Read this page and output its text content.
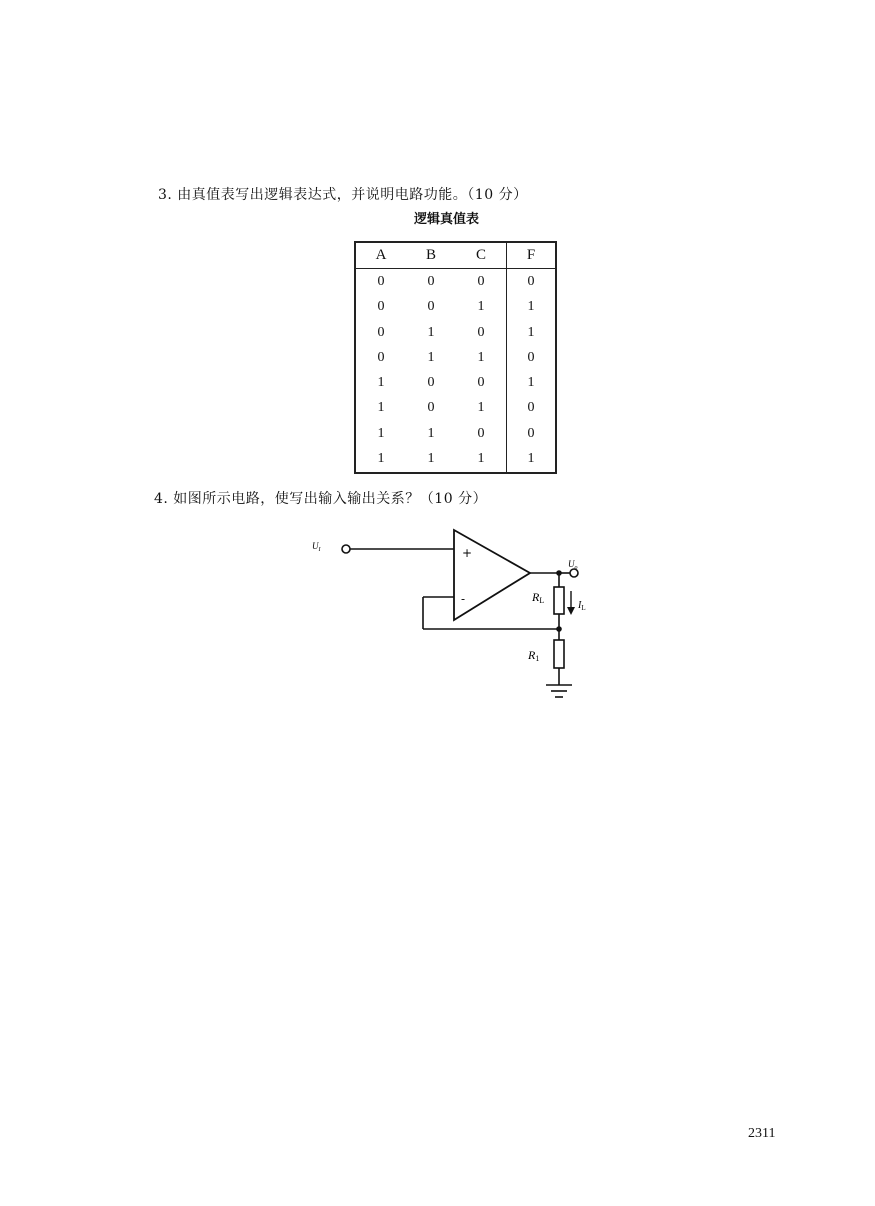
3. 由真值表写出逻辑表达式，并说明电路功能。（10 分）
逻辑真值表
A	B	C	F
0	0	0	0
0	0	1	1
0	1	0	1
0	1	1	0
1	0	0	1
1	0	1	0
1	1	0	0
1	1	1	1
4. 如图所示电路，使写出输入输出关系？（10 分）
+
-
$U_I$
$U_o$
RL	$I_L$
R1
2311
